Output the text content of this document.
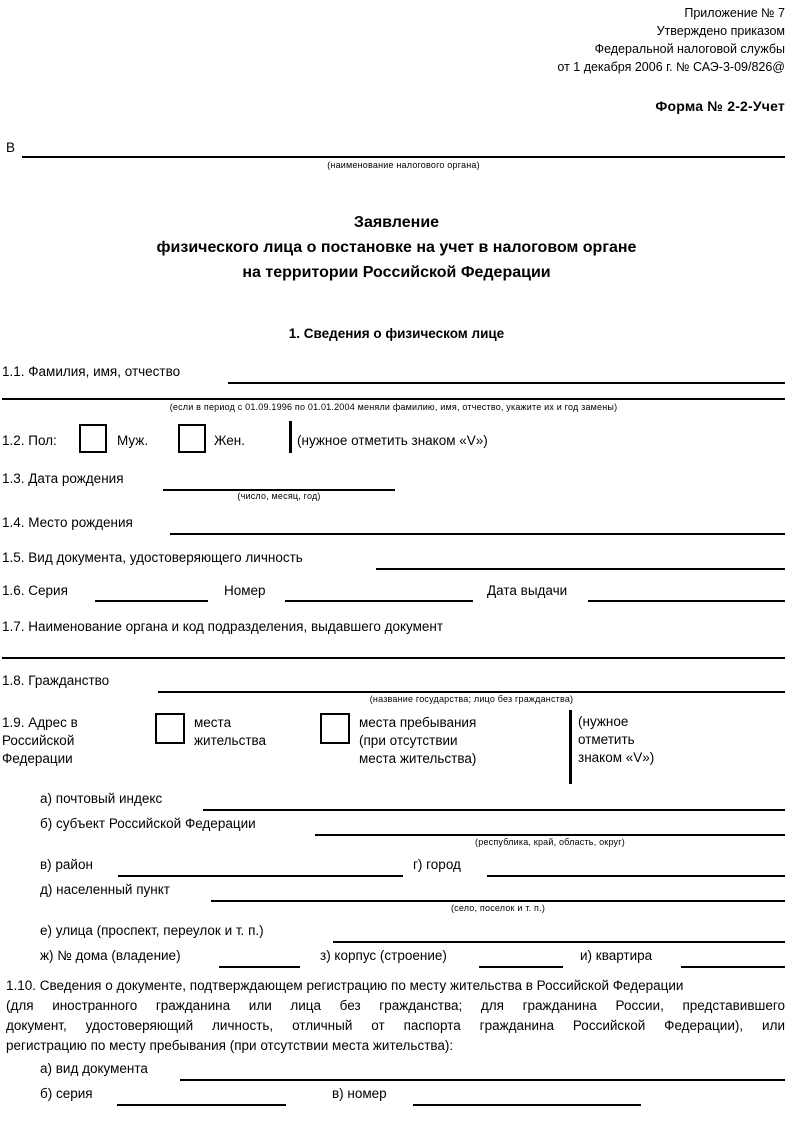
Приложение № 7
Утверждено приказом
Федеральной налоговой службы
от 1 декабря 2006 г. № САЭ-3-09/826@
Форма № 2-2-Учет
В
(наименование налогового органа)
Заявление
физического лица о постановке на учет в налоговом органе
на территории Российской Федерации
1. Сведения о физическом лице
1.1. Фамилия, имя, отчество
(если в период с 01.09.1996 по 01.01.2004 меняли фамилию, имя, отчество, укажите их и год замены)
1.2. Пол:	Муж.	Жен.	(нужное отметить знаком «V»)
1.3. Дата рождения
(число, месяц, год)
1.4. Место рождения
1.5. Вид документа, удостоверяющего личность
1.6. Серия	Номер	Дата выдачи
1.7. Наименование органа и код подразделения, выдавшего документ
1.8. Гражданство
(название государства; лицо без гражданства)
1.9. Адрес в
Российской
Федерации
места
жительства
места пребывания
(при отсутствии
места жительства)
(нужное
отметить
знаком «V»)
а) почтовый индекс
б) субъект Российской Федерации
(республика, край, область, округ)
в) район	г) город
д) населенный пункт
(село, поселок и т. п.)
е) улица (проспект, переулок и т. п.)
ж) № дома (владение)	з) корпус (строение)	и) квартира
1.10. Сведения о документе, подтверждающем регистрацию по месту жительства в Российской Федерации
(для иностранного гражданина или лица без гражданства; для гражданина России, представившего
документ, удостоверяющий личность, отличный от паспорта гражданина Российской Федерации), или
регистрацию по месту пребывания (при отсутствии места жительства):
а) вид документа
б) серия	в) номер
